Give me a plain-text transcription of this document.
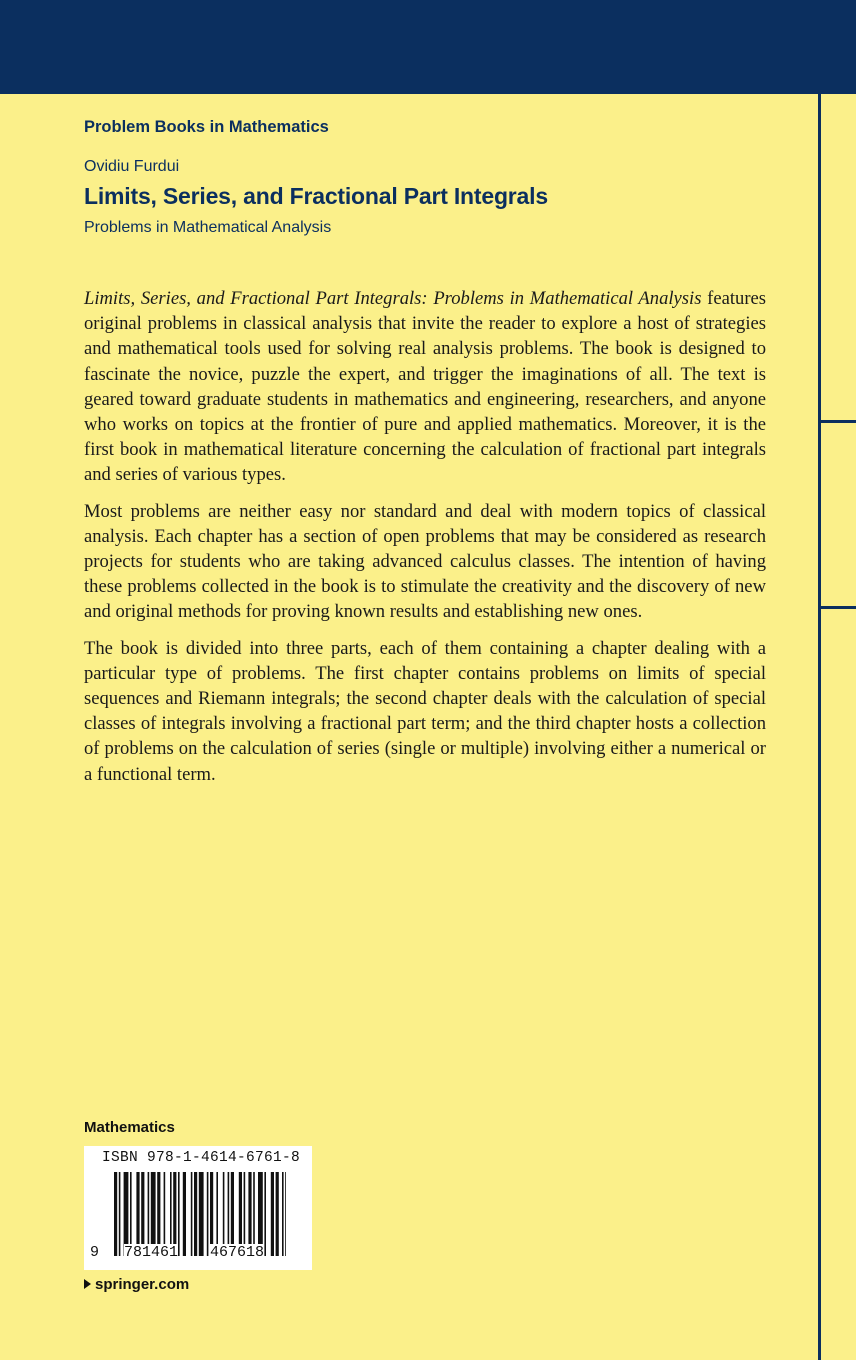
Problem Books in Mathematics
Ovidiu Furdui
Limits, Series, and Fractional Part Integrals
Problems in Mathematical Analysis

Limits, Series, and Fractional Part Integrals: Problems in Mathematical Analysis features original problems in classical analysis that invite the reader to explore a host of strategies and mathematical tools used for solving real analysis problems. The book is designed to fascinate the novice, puzzle the expert, and trigger the imaginations of all. The text is geared toward graduate students in mathematics and engineering, researchers, and anyone who works on topics at the frontier of pure and applied mathematics. Moreover, it is the first book in mathematical literature concerning the calculation of fractional part integrals and series of various types.

Most problems are neither easy nor standard and deal with modern topics of classical analysis. Each chapter has a section of open problems that may be considered as research projects for students who are taking advanced calculus classes. The intention of having these problems collected in the book is to stimulate the creativity and the discovery of new and original methods for proving known results and establishing new ones.

The book is divided into three parts, each of them containing a chapter dealing with a particular type of problems. The first chapter contains problems on limits of special sequences and Riemann integrals; the second chapter deals with the calculation of special classes of integrals involving a fractional part term; and the third chapter hosts a collection of problems on the calculation of series (single or multiple) involving either a numerical or a functional term.

Mathematics
ISBN 978-1-4614-6761-8
9 781461 467618
springer.com
